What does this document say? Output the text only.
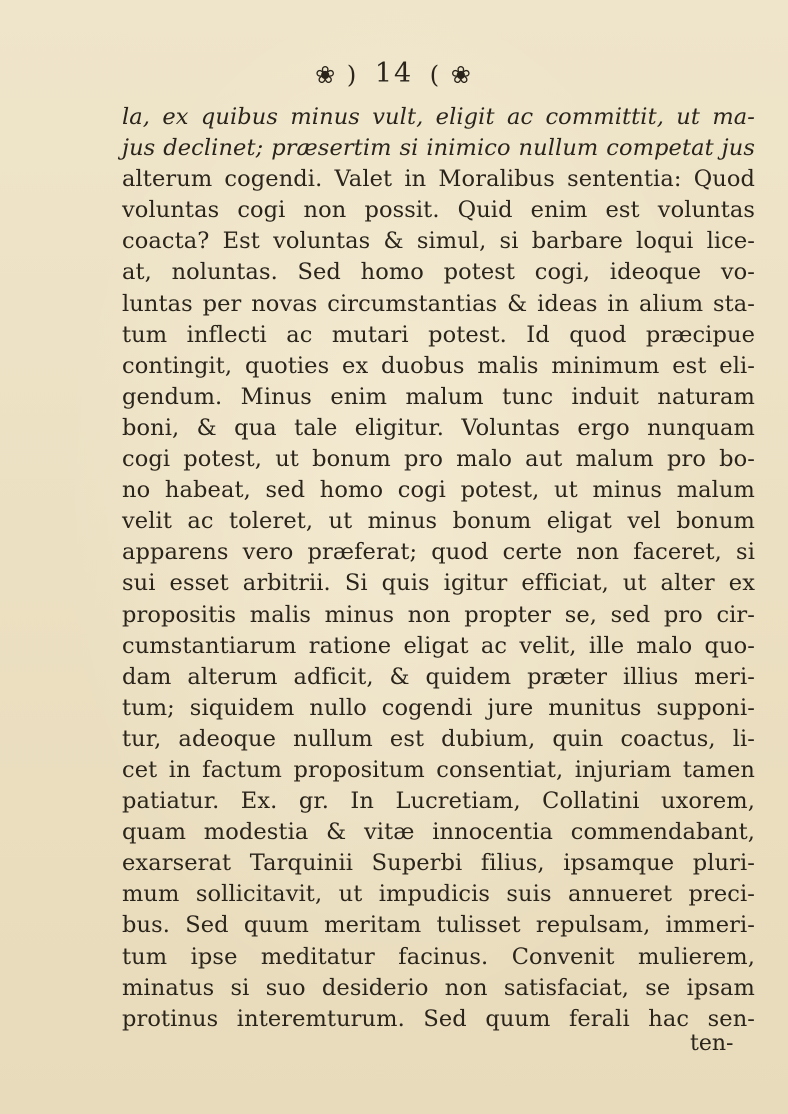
❀ ) 14 ( ❀
la, ex quibus minus vult, eligit ac committit, ut ma-
jus declinet; præsertim si inimico nullum competat jus
alterum cogendi. Valet in Moralibus sententia: Quod
voluntas cogi non possit. Quid enim est voluntas
coacta? Est voluntas & simul, si barbare loqui lice-
at, noluntas. Sed homo potest cogi, ideoque vo-
luntas per novas circumstantias & ideas in alium sta-
tum inflecti ac mutari potest. Id quod præcipue
contingit, quoties ex duobus malis minimum est eli-
gendum. Minus enim malum tunc induit naturam
boni, & qua tale eligitur. Voluntas ergo nunquam
cogi potest, ut bonum pro malo aut malum pro bo-
no habeat, sed homo cogi potest, ut minus malum
velit ac toleret, ut minus bonum eligat vel bonum
apparens vero præferat; quod certe non faceret, si
sui esset arbitrii. Si quis igitur efficiat, ut alter ex
propositis malis minus non propter se, sed pro cir-
cumstantiarum ratione eligat ac velit, ille malo quo-
dam alterum adficit, & quidem præter illius meri-
tum; siquidem nullo cogendi jure munitus supponi-
tur, adeoque nullum est dubium, quin coactus, li-
cet in factum propositum consentiat, injuriam tamen
patiatur. Ex. gr. In Lucretiam, Collatini uxorem,
quam modestia & vitæ innocentia commendabant,
exarserat Tarquinii Superbi filius, ipsamque pluri-
mum sollicitavit, ut impudicis suis annueret preci-
bus. Sed quum meritam tulisset repulsam, immeri-
tum ipse meditatur facinus. Convenit mulierem,
minatus si suo desiderio non satisfaciat, se ipsam
protinus interemturum. Sed quum ferali hac sen-
ten-
